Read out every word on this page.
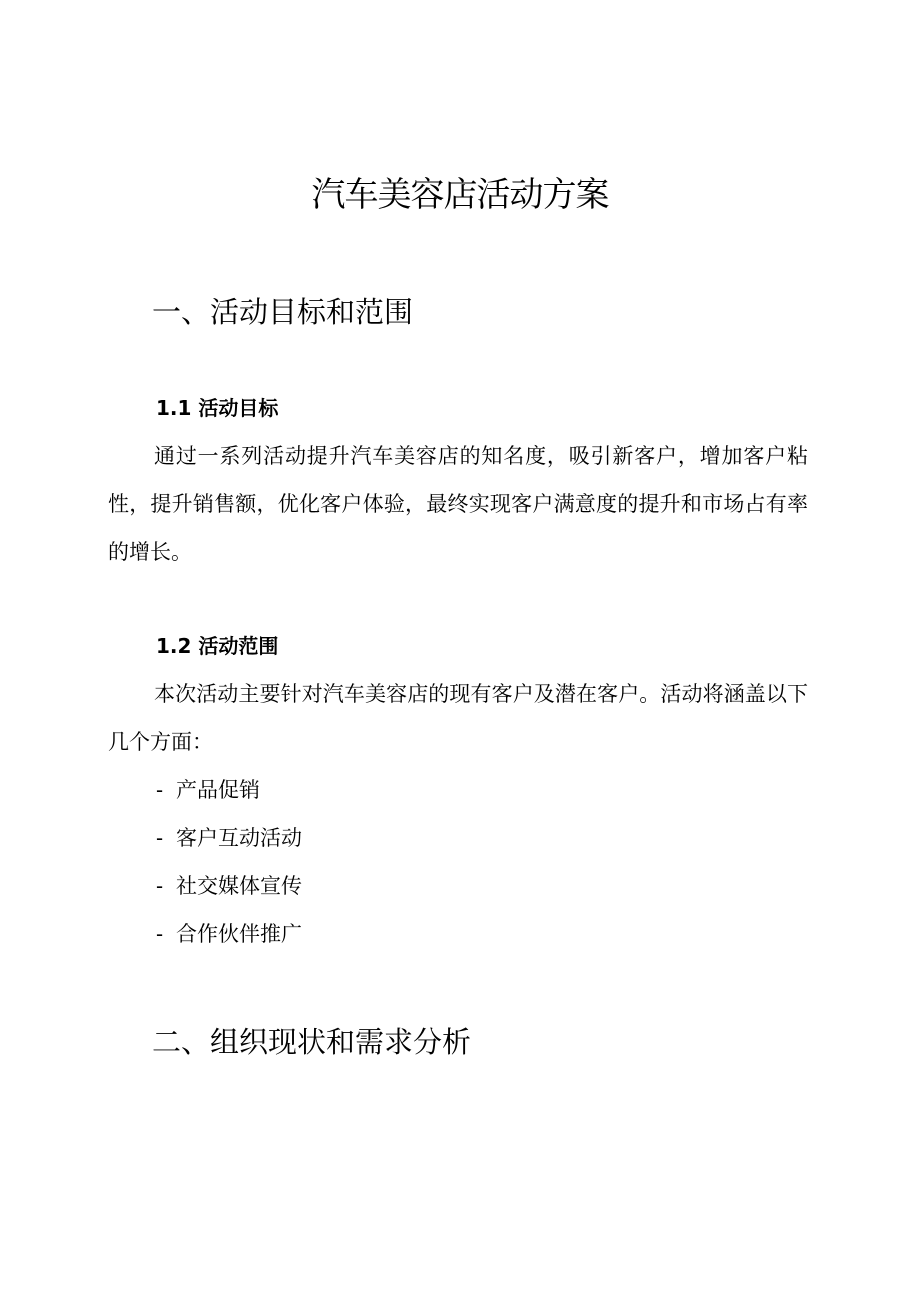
汽车美容店活动方案
一、活动目标和范围
1.1 活动目标

通过一系列活动提升汽车美容店的知名度，吸引新客户，增加客户粘性，提升销售额，优化客户体验，最终实现客户满意度的提升和市场占有率的增长。

1.2 活动范围

本次活动主要针对汽车美容店的现有客户及潜在客户。活动将涵盖以下几个方面：

- 产品促销
- 客户互动活动
- 社交媒体宣传
- 合作伙伴推广
二、组织现状和需求分析
